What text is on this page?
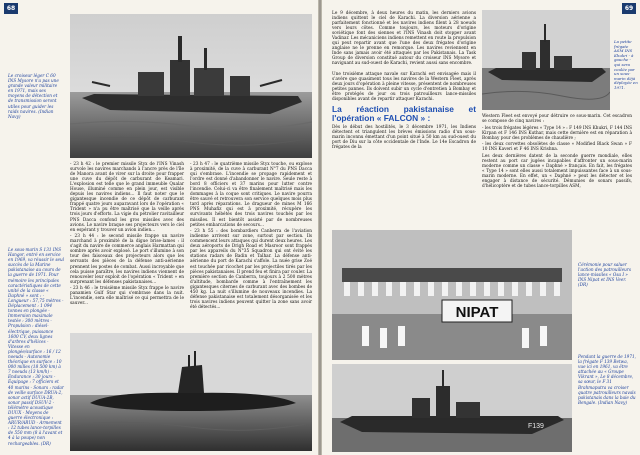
68
Le croiseur léger C 60 INS Mysore n'a pas une grande valeur militaire en 1971, mais ses moyens de détection et de transmission seront utiles pour guider les raids navires. (Indian Navy)
Le sous-marin S 131 INS Hangor, entré en service en 1969, va réussir le seul succès de la Marine pakistanaise au cours de la guerre de 1971. Pour mémoire les principales caractéristiques de cette unité de la classe « Daphné » sont : - Longueur : 57,75 mètres - Déplacement : 1 094 tonnes en plongée - Immersion maximale testée : 300 mètres - Propulsion : diésel-électrique, puissance 1600 CV, deux lignes d'arbres d'hélices - Vitesse en plongée/surface : 16 / 12 noeuds - Autonomie théorique en surface : 10 000 milles (18 500 km) à 7 noeuds (13 km/h) - Endurance : 30 jours - Équipage : 7 officiers et 40 marins - Sonars : radar de veille surface DRUA-2, sonar actif DUUA-2B, sonar passif DSUV-2 - télémètre acoustique DUUX - Moyens de guerre électronique : ARUR/ARUD - Armement : 12 tubes lance-torpilles de 550 mm (8 à l'avant et 4 à la poupe) non rechargeables. (DR)

- 23 h 42 : le premier missile Styx de l'INS Vinash survole les navires marchands à l'ancre près de l'île de Manora avant de virer sur la droite pour frapper une cuve du dépôt de carburant de Keamari. L'explosion est telle que le grand immeuble Qualar House, illuminé comme en plein jour, est visible depuis les navires indiens... Il faut noter que le gigantesque incendie de ce dépôt de carburant frappé quatre jours auparavant lors de l'opération « Trident » n'a pu être maîtrisé que la veille après trois jours d'efforts. La vigie du pétrolier ravitailleur PNS Dacca confond les gros missiles avec des avions. Le navire braque ses projecteurs vers le ciel en espérant y trouver un avion indien...

- 23 h 44 : le second missile frappe un navire marchand à proximité de la digue brise-lames : il s'agit du navire de commerce anglais Harmattan qui sombre après avoir explosé. Le port s'illumine à son tour des faisceaux des projecteurs alors que les servants des pièces de la défense anti-aérienne prennent les postes de combat. Aussi incroyable que cela puisse paraître, les navires indiens viennent de renouveler leur exploit de l'opération « Trident » en surprenant les défenses pakistanaises...

- 23 h 46 : le troisième missile Styx frappe le navire panamien Gulf Star qui s'embrase dans la nuit. L'incendie, sera elle maîtrisé ce qui permettra de le sauver...

- 23 h 47 : le quatrième missile Styx touche, ou explose à proximité, de la cuve à carburant N°7 du PNS Dacca qui s'embrase. L'incendie se propage rapidement et l'ordre est donné d'abandonner le navire. Seule reste à bord 8 officiers et 37 marins pour lutter contre l'incendie. Celui-ci va être finalement maîtrisé mais les dommages à la coque sont critiques. Le navire pourra être sauvé et retrouvera son service quelques mois plus tard après réparations. Le dragueur de mines M 166 PNS Muhafiz qui est à proximité, récupère les survivants hébétés des trois navires touchés par les missiles. Il est bientôt assisté par de nombreuses petites embarcations de secours...

- 23 h 55 : des bombardiers Canberra de l'aviation indienne arrivent sur zone, surtout par section. Ils commencent leurs attaques qui durent deux heures. Les deux aéroports de Drigh Road et Masroor sont frappés par les appareils du N°35 Squadron qui ont évité les stations radars de Badin et Talhar. La défense anti-aérienne du port de Karachi s'affole. La nuée grise Zoé est touchée par ricochet par les projectiles tirés par les pièces pakistanaises. Il prend feu et finira par couler. La première section de Canberra, toujours à 2 500 mètres d'altitude, bombarde comme à l'entraînement les gigantesques citernes de carburant avec des bombes de 450 kg. La nuit s'illumine de nouveaux incendies. La défense pakistanaise est totalement désorganisée et les trois navires indiens peuvent quitter la zone sans avoir été détectés...

69
La petite frégate ASM INS Khukri - à gauche - qui sera coulée par un sous-marin déjà déployée en 1971.

Le 9 décembre, à deux heures du matin, les derniers avions indiens quittent le ciel de Karachi. La diversion aérienne a parfaitement fonctionné et les navires indiens filent à 28 noeuds vers leurs côtes. Comme toujours, les moteurs d'origine soviétique font des siennes et l'INS Vinash doit stopper avant Vadinar. Les mécaniciens indiens remettent en route la propulsion qui peut repartir avant que l'une des deux frégates d'origine anglaise ne le prenne en remorque. Les navires reviennent en Inde sans jamais avoir été attaqués par les Pakistanais. La Task Group de diversion constitué autour du croiseur INS Mysore et naviguant au sud-ouest de Karachi, revient aussi sans encombre.

Une troisième attaque navale sur Karachi est envisagée mais il s'avère que quasiment tous les navires de la Western Fleet, après deux jours d'opération à pleine vitesse, présentent de nombreuses petites pannes. Ils doivent subir un cycle d'entretien à Bombay et être protégés de jour ou trois patrouilleurs lance-missiles disponibles avant de repartir attaquer Karachi.

La réaction pakistanaise et l'opération « FALCON » :

Dès le début des hostilités, le 3 décembre 1971, les Indiens détectent et triangulent les brèves émissions radio d'un sous-marin inconnu émettant d'un point situé à 50 km au sud-ouest du port de Diu sur la côte occidentale de l'Inde. Le 14e Escadron de frégates de la

Western Fleet est envoyé pour détruire ce sous-marin. Cet escadron se compose de cinq navires :

- les trois frégates légères « Type 14 » : F 149 INS Khukri, F 144 INS Kirpan et F 146 INS Kuthar, mais cette dernière est en réparation à Bombay pour des problèmes de chaudière ;

- les deux corvettes obsolètes de classe « Modified Black Swan » F 10 INS Kaveri et F 46 INS Krishna.

Les deux dernières datent de la seconde guerre mondiale, elles restent au port car jugées incapables d'affronter un sous-marin moderne comme un classe « Daphné » français. En fait, les frégates « Type 14 » sont elles aussi totalement impuissantes face à un sous-marin moderne. En effet, un « Daphné » peut les détecter et les engager à distance de sécurité. Démunies de sonars passifs, d'hélicoptère et de tubes lance-torpilles ASM,

NIPAT
Cérémonie pour saluer l'action des patrouilleurs lance-missiles « Osa I » INS Nipat et INS Veer. (DR)
F139
Pendant la guerre de 1971, la frégate F 139 Betwa, vue ici en 1961, va être attachée au « Groupe Vikrant », Le 8 décembre, sa sœur, le F 31 Brahmaputra va croiser quatre patrouilleurs navals pakistanais dans la baie du Bengale. (Indian Navy)
